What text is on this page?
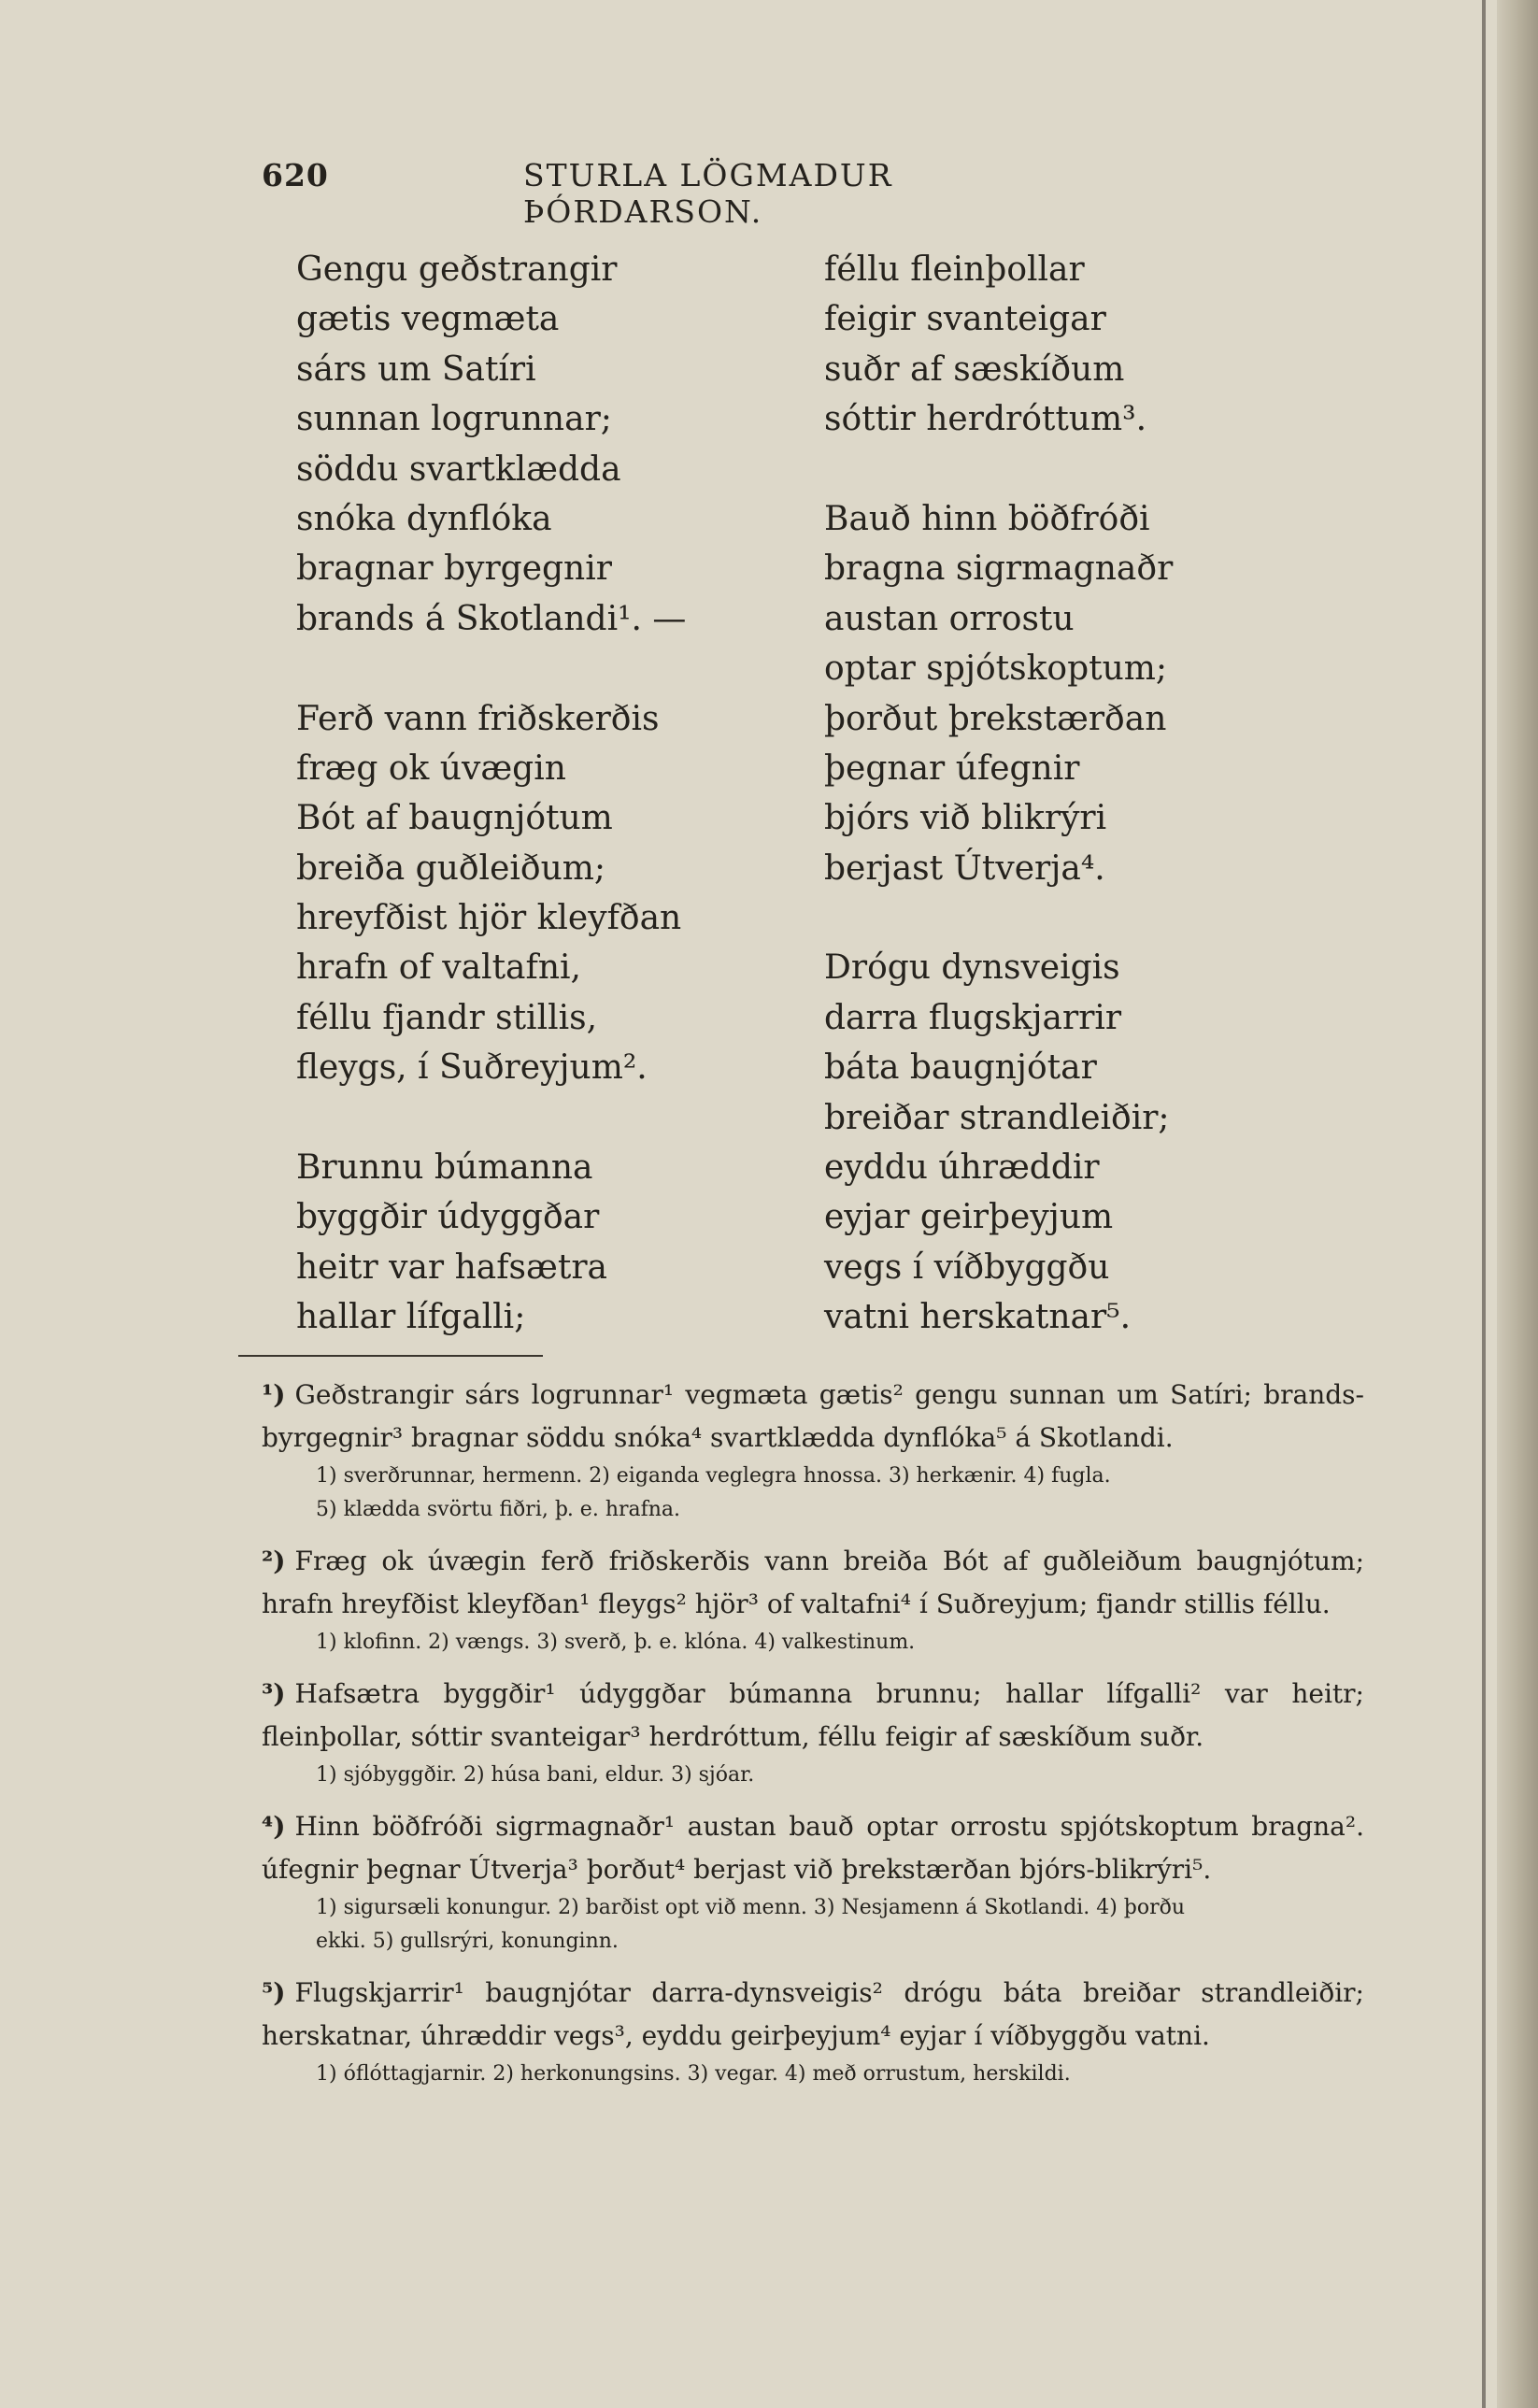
620	STURLA LÖGMADUR ÞÓRDARSON.
Gengu geðstrangir
gætis vegmæta
sárs um Satíri
sunnan logrunnar;
söddu svartklædda
snóka dynflóka
bragnar byrgegnir
brands á Skotlandi¹. —
Ferð vann friðskerðis
fræg ok úvægin
Bót af baugnjótum
breiða guðleiðum;
hreyfðist hjör kleyfðan
hrafn of valtafni,
féllu fjandr stillis,
fleygs, í Suðreyjum².
Brunnu búmanna
byggðir údyggðar
heitr var hafsætra
hallar lífgalli;
féllu fleinþollar
feigir svanteigar
suðr af sæskíðum
sóttir herdróttum³.
Bauð hinn böðfróði
bragna sigrmagnaðr
austan orrostu
optar spjótskoptum;
þorðut þrekstærðan
þegnar úfegnir
bjórs við blikrýri
berjast Útverja⁴.
Drógu dynsveigis
darra flugskjarrir
báta baugnjótar
breiðar strandleiðir;
eyddu úhræddir
eyjar geirþeyjum
vegs í víðbyggðu
vatni herskatnar⁵.
¹) Geðstrangir sárs logrunnar¹ vegmæta gætis² gengu sunnan um Satíri; brands-byrgegnir³ bragnar söddu snóka⁴ svartklædda dynflóka⁵ á Skotlandi.
1) sverðrunnar, hermenn. 2) eiganda veglegra hnossa. 3) herkænir. 4) fugla.
5) klædda svörtu fiðri, þ. e. hrafna.
²) Fræg ok úvægin ferð friðskerðis vann breiða Bót af guðleiðum baugnjótum; hrafn hreyfðist kleyfðan¹ fleygs² hjör³ of valtafni⁴ í Suðreyjum; fjandr stillis féllu.
1) klofinn. 2) vængs. 3) sverð, þ. e. klóna. 4) valkestinum.
³) Hafsætra byggðir¹ údyggðar búmanna brunnu; hallar lífgalli² var heitr; fleinþollar, sóttir svanteigar³ herdróttum, féllu feigir af sæskíðum suðr.
1) sjóbyggðir. 2) húsa bani, eldur. 3) sjóar.
⁴) Hinn böðfróði sigrmagnaðr¹ austan bauð optar orrostu spjótskoptum bragna². úfegnir þegnar Útverja³ þorðut⁴ berjast við þrekstærðan bjórs-blikrýri⁵.
1) sigursæli konungur. 2) barðist opt við menn. 3) Nesjamenn á Skotlandi. 4) þorðu
ekki. 5) gullsrýri, konunginn.
⁵) Flugskjarrir¹ baugnjótar darra-dynsveigis² drógu báta breiðar strandleiðir; herskatnar, úhræddir vegs³, eyddu geirþeyjum⁴ eyjar í víðbyggðu vatni.
1) óflóttagjarnir. 2) herkonungsins. 3) vegar. 4) með orrustum, herskildi.
